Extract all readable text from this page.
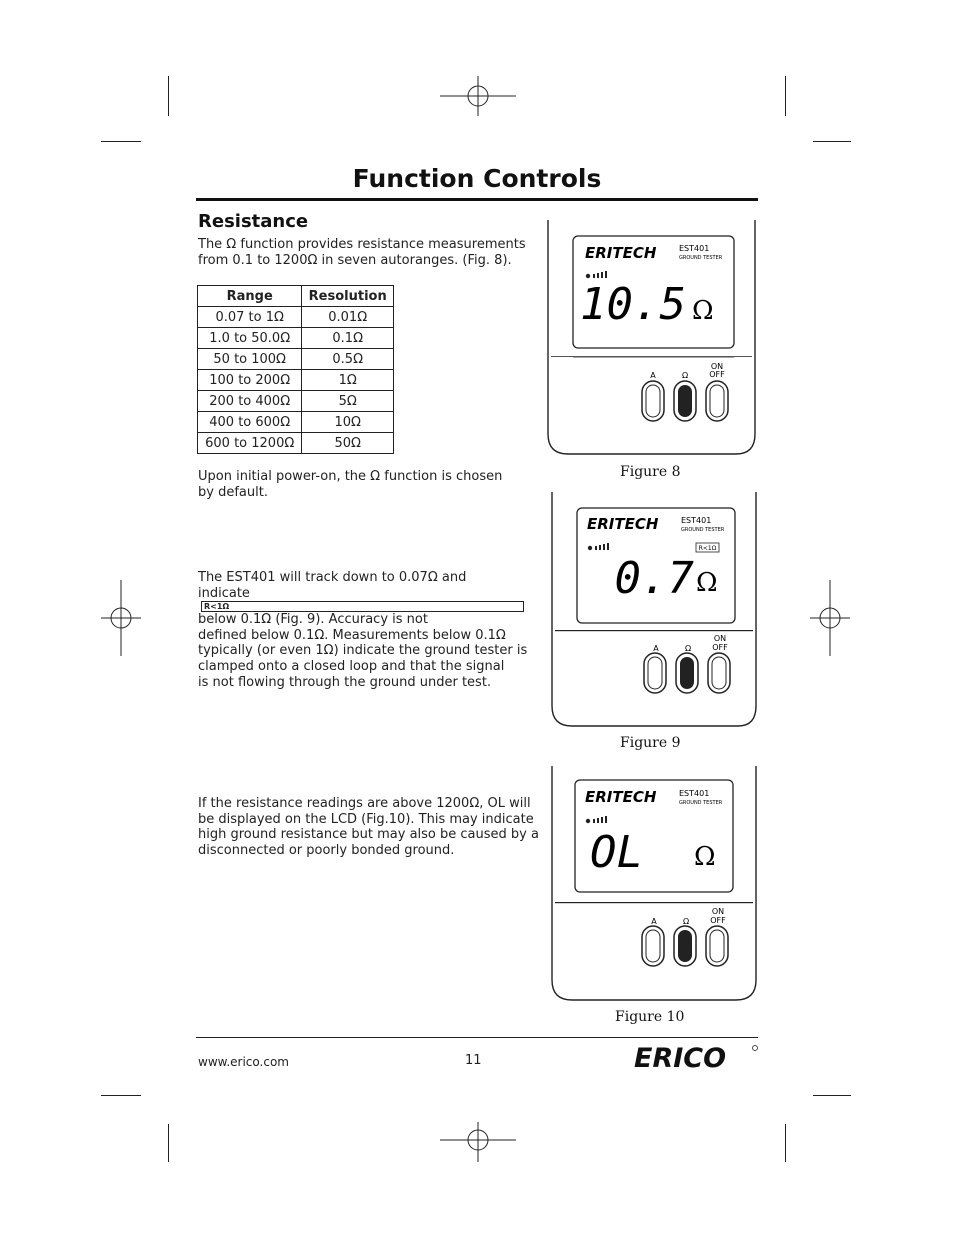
Function Controls
Resistance
The Ω function provides resistance measurements
from 0.1 to 1200Ω in seven autoranges. (Fig. 8).
Range	Resolution
0.07 to 1Ω	0.01Ω
1.0 to 50.0Ω	0.1Ω
50 to 100Ω	0.5Ω
100 to 200Ω	1Ω
200 to 400Ω	5Ω
400 to 600Ω	10Ω
600 to 1200Ω	50Ω
Upon initial power-on, the Ω function is chosen
by default.
The EST401 will track down to 0.07Ω and
indicate
R<1Ω
below 0.1Ω (Fig. 9). Accuracy is not
defined below 0.1Ω. Measurements below 0.1Ω
typically (or even 1Ω) indicate the ground tester is
clamped onto a closed loop and that the signal
is not flowing through the ground under test.
If the resistance readings are above 1200Ω, OL will
be displayed on the LCD (Fig.10). This may indicate
high ground resistance but may also be caused by a
disconnected or poorly bonded ground.
ERITECH	EST401
GROUND TESTER
10.5 Ω
A	Ω
ON
OFF
Figure 8
ERITECH	EST401
GROUND TESTER
R<1Ω
0.7 Ω
A	Ω
ON
OFF
Figure 9
ERITECH	EST401
GROUND TESTER
OL Ω
A	Ω
ON
OFF
Figure 10
www.erico.com	11	ERICO
